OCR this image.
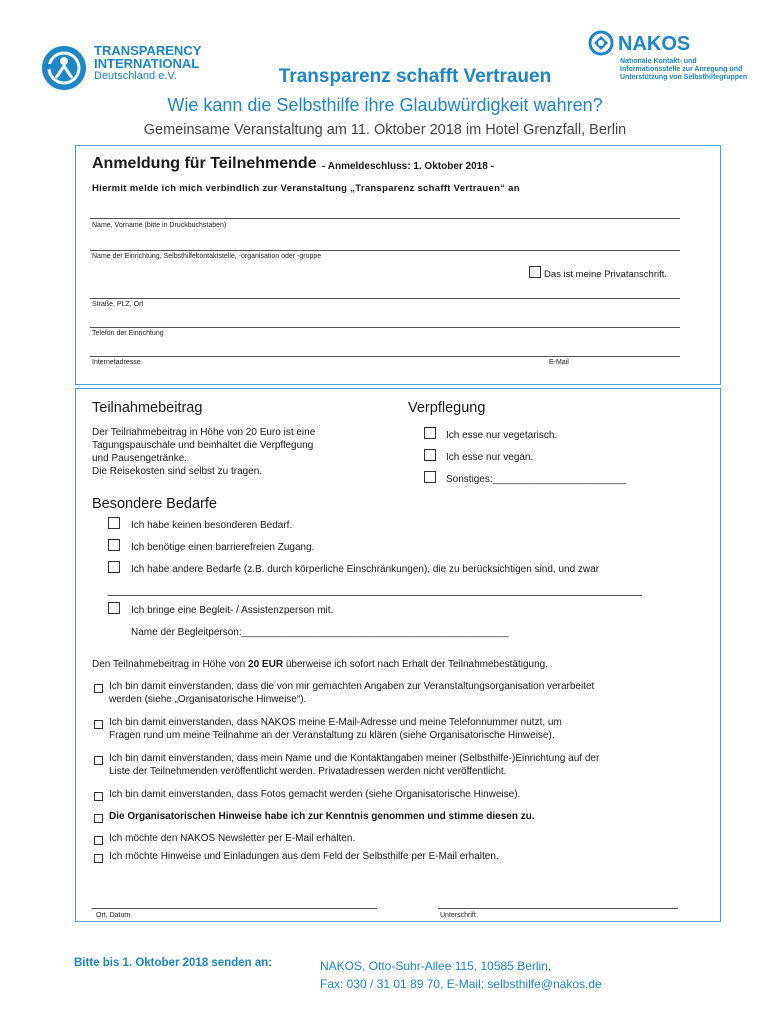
TRANSPARENCY
INTERNATIONAL
Deutschland e.V.
NAKOS
Nationale Kontakt- und Informationsstelle zur Anregung und Unterstützung von Selbsthilfegruppen
Transparenz schafft Vertrauen
Wie kann die Selbsthilfe ihre Glaubwürdigkeit wahren?
Gemeinsame Veranstaltung am 11. Oktober 2018 im Hotel Grenzfall, Berlin
Anmeldung für Teilnehmende - Anmeldeschluss: 1. Oktober 2018 -
Hiermit melde ich mich verbindlich zur Veranstaltung „Transparenz schafft Vertrauen“ an
Name, Vorname (bitte in Druckbuchstaben)
Name der Einrichtung, Selbsthilfekontaktstelle, -organisation oder -gruppe
Das ist meine Privatanschrift.
Straße, PLZ, Ort
Telefon der Einrichtung
Internetadresse	E-Mail
Teilnahmebeitrag
Der Teilnahmebeitrag in Höhe von 20 Euro ist eine
Tagungspauschale und beinhaltet die Verpflegung
und Pausengetränke.
Die Reisekosten sind selbst zu tragen.
Verpflegung
Ich esse nur vegetarisch.
Ich esse nur vegan.
Sonstiges:________________________
Besondere Bedarfe
Ich habe keinen besonderen Bedarf.
Ich benötige einen barrierefreien Zugang.
Ich habe andere Bedarfe (z.B. durch körperliche Einschränkungen), die zu berücksichtigen sind, und zwar
Ich bringe eine Begleit- / Assistenzperson mit.
Name der Begleitperson:________________________________________________
Den Teilnahmebeitrag in Höhe von 20 EUR überweise ich sofort nach Erhalt der Teilnahmebestätigung.
Ich bin damit einverstanden, dass die von mir gemachten Angaben zur Veranstaltungsorganisation verarbeitet
werden (siehe „Organisatorische Hinweise“).
Ich bin damit einverstanden, dass NAKOS meine E-Mail-Adresse und meine Telefonnummer nutzt, um
Fragen rund um meine Teilnahme an der Veranstaltung zu klären (siehe Organisatorische Hinweise).
Ich bin damit einverstanden, dass mein Name und die Kontaktangaben meiner (Selbsthilfe-)Einrichtung auf der
Liste der Teilnehmenden veröffentlicht werden. Privatadressen werden nicht veröffentlicht.
Ich bin damit einverstanden, dass Fotos gemacht werden (siehe Organisatorische Hinweise).
Die Organisatorischen Hinweise habe ich zur Kenntnis genommen und stimme diesen zu.
Ich möchte den NAKOS Newsletter per E-Mail erhalten.
Ich möchte Hinweise und Einladungen aus dem Feld der Selbsthilfe per E-Mail erhalten.
Ort, Datum	Unterschrift
Bitte bis 1. Oktober 2018 senden an:	NAKOS, Otto-Suhr-Allee 115, 10585 Berlin,
Fax: 030 / 31 01 89 70, E-Mail: selbsthilfe@nakos.de
